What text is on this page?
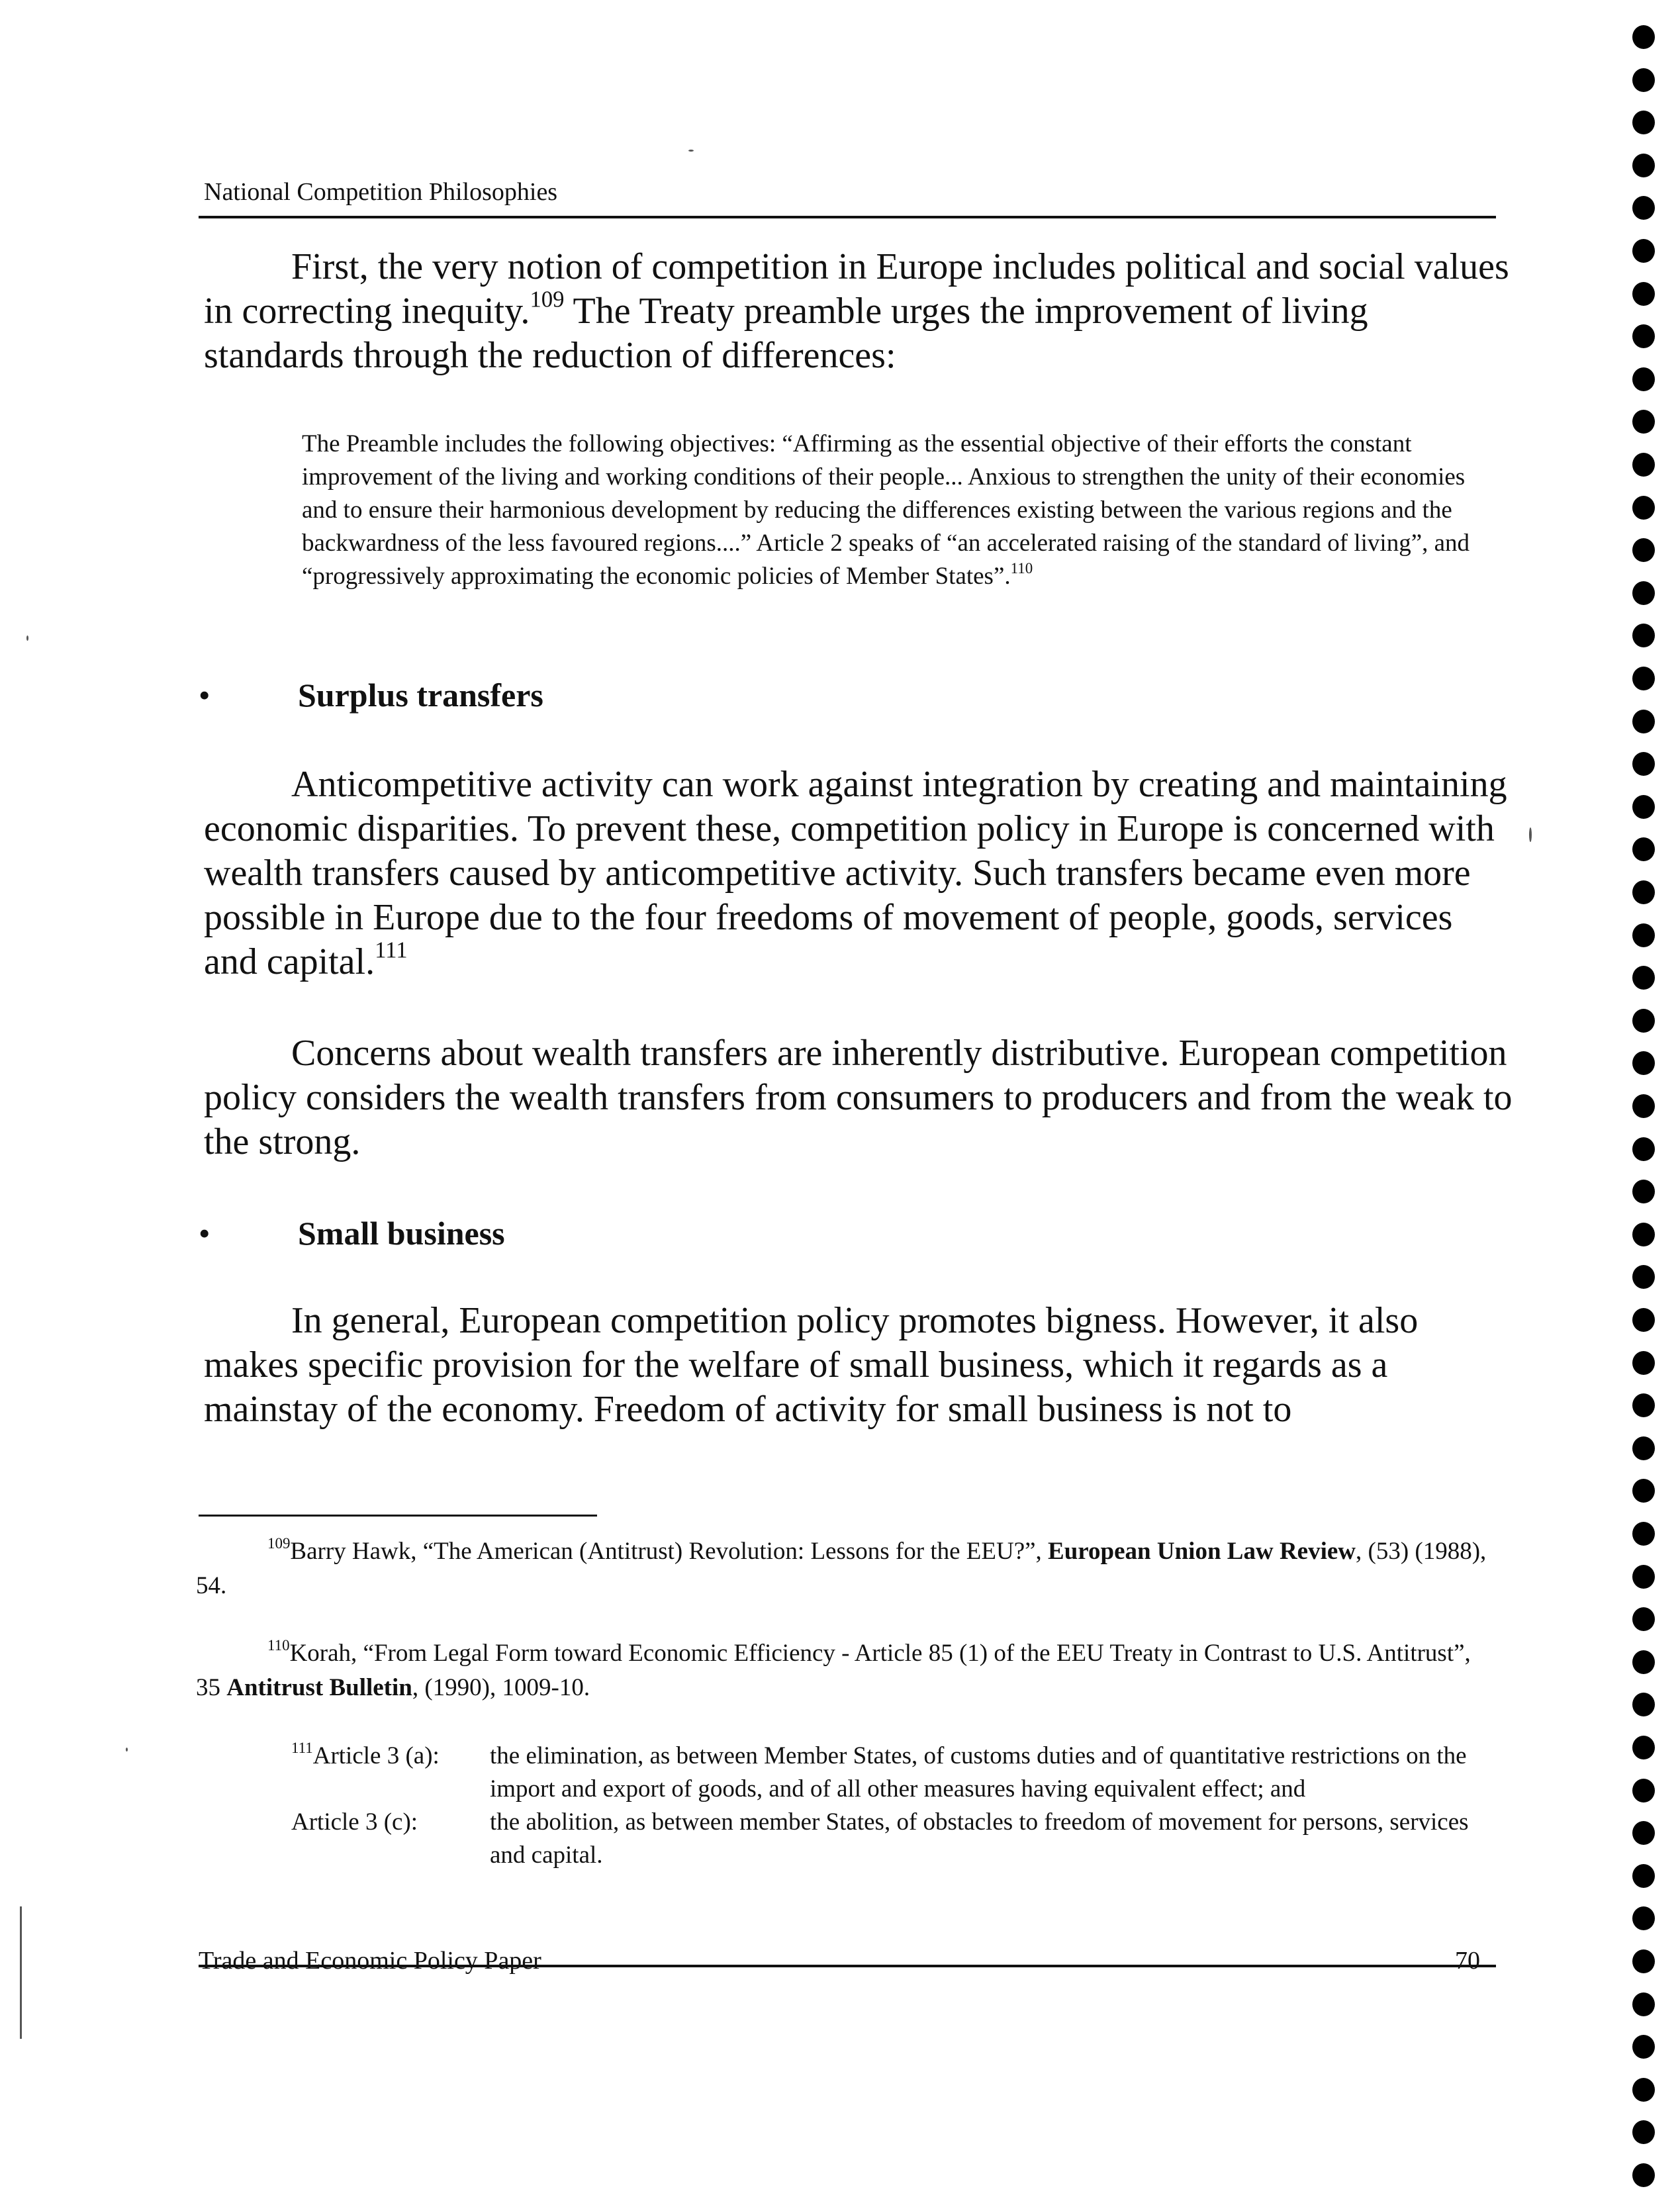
National Competition Philosophies

First, the very notion of competition in Europe includes political and social values in correcting inequity.$^{109}$ The Treaty preamble urges the improvement of living standards through the reduction of differences:

The Preamble includes the following objectives: “Affirming as the essential objective of their efforts the constant improvement of the living and working conditions of their people... Anxious to strengthen the unity of their economies and to ensure their harmonious development by reducing the differences existing between the various regions and the backwardness of the less favoured regions....” Article 2 speaks of “an accelerated raising of the standard of living”, and “progressively approximating the economic policies of Member States”.$^{110}$

•	Surplus transfers

Anticompetitive activity can work against integration by creating and maintaining economic disparities. To prevent these, competition policy in Europe is concerned with wealth transfers caused by anticompetitive activity. Such transfers became even more possible in Europe due to the four freedoms of movement of people, goods, services and capital.$^{111}$

Concerns about wealth transfers are inherently distributive. European competition policy considers the wealth transfers from consumers to producers and from the weak to the strong.

•	Small business

In general, European competition policy promotes bigness. However, it also makes specific provision for the welfare of small business, which it regards as a mainstay of the economy. Freedom of activity for small business is not to

$^{109}$Barry Hawk, “The American (Antitrust) Revolution: Lessons for the EEU?”, European Union Law Review, (53) (1988), 54.

$^{110}$Korah, “From Legal Form toward Economic Efficiency - Article 85 (1) of the EEU Treaty in Contrast to U.S. Antitrust”, 35 Antitrust Bulletin, (1990), 1009-10.

$^{111}$Article 3 (a):	the elimination, as between Member States, of customs duties and of quantitative restrictions on the import and export of goods, and of all other measures having equivalent effect; and
Article 3 (c):	the abolition, as between member States, of obstacles to freedom of movement for persons, services and capital.
Trade and Economic Policy Paper	70
